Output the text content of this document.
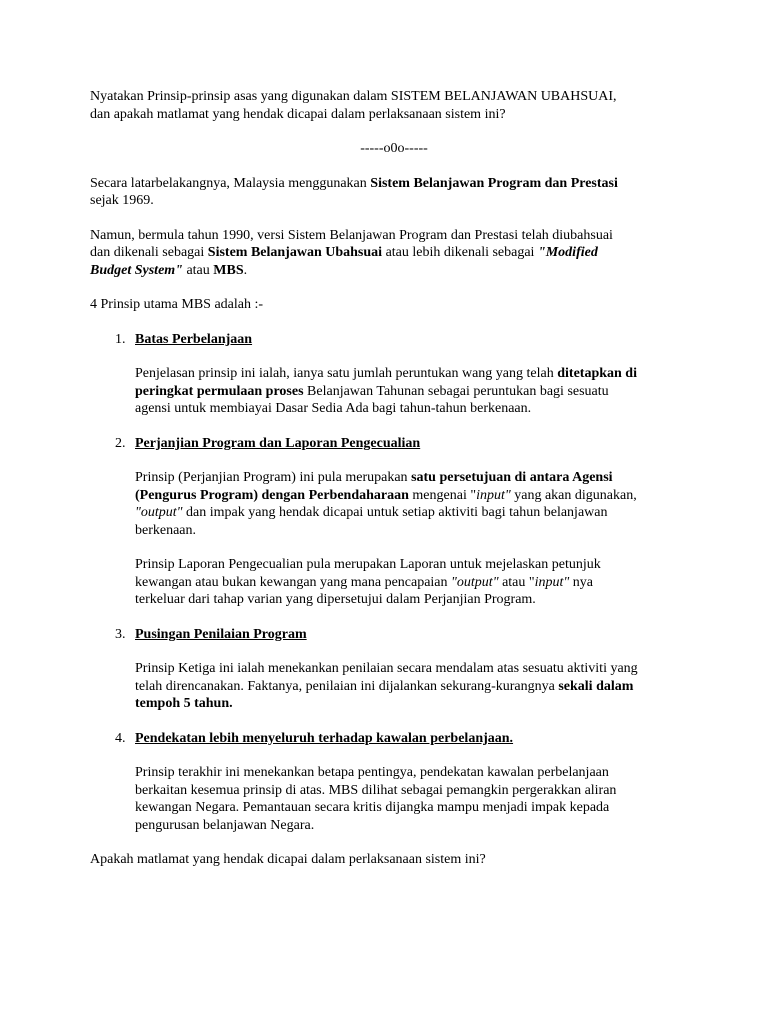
Nyatakan Prinsip-prinsip asas yang digunakan dalam SISTEM BELANJAWAN UBAHSUAI,
dan apakah matlamat yang hendak dicapai dalam perlaksanaan sistem ini?

-----o0o-----

Secara latarbelakangnya, Malaysia menggunakan Sistem Belanjawan Program dan Prestasi
sejak 1969.

Namun, bermula tahun 1990, versi Sistem Belanjawan Program dan Prestasi telah diubahsuai
dan dikenali sebagai Sistem Belanjawan Ubahsuai atau lebih dikenali sebagai "Modified
Budget System" atau MBS.

4 Prinsip utama MBS adalah :-

1. Batas Perbelanjaan

Penjelasan prinsip ini ialah, ianya satu jumlah peruntukan wang yang telah ditetapkan di
peringkat permulaan proses Belanjawan Tahunan sebagai peruntukan bagi sesuatu
agensi untuk membiayai Dasar Sedia Ada bagi tahun-tahun berkenaan.

2. Perjanjian Program dan Laporan Pengecualian

Prinsip (Perjanjian Program) ini pula merupakan satu persetujuan di antara Agensi
(Pengurus Program) dengan Perbendaharaan mengenai "input" yang akan digunakan,
"output" dan impak yang hendak dicapai untuk setiap aktiviti bagi tahun belanjawan
berkenaan.

Prinsip Laporan Pengecualian pula merupakan Laporan untuk mejelaskan petunjuk
kewangan atau bukan kewangan yang mana pencapaian "output" atau "input" nya
terkeluar dari tahap varian yang dipersetujui dalam Perjanjian Program.

3. Pusingan Penilaian Program

Prinsip Ketiga ini ialah menekankan penilaian secara mendalam atas sesuatu aktiviti yang
telah direncanakan. Faktanya, penilaian ini dijalankan sekurang-kurangnya sekali dalam
tempoh 5 tahun.

4. Pendekatan lebih menyeluruh terhadap kawalan perbelanjaan.

Prinsip terakhir ini menekankan betapa pentingya, pendekatan kawalan perbelanjaan
berkaitan kesemua prinsip di atas. MBS dilihat sebagai pemangkin pergerakkan aliran
kewangan Negara. Pemantauan secara kritis dijangka mampu menjadi impak kepada
pengurusan belanjawan Negara.

Apakah matlamat yang hendak dicapai dalam perlaksanaan sistem ini?
